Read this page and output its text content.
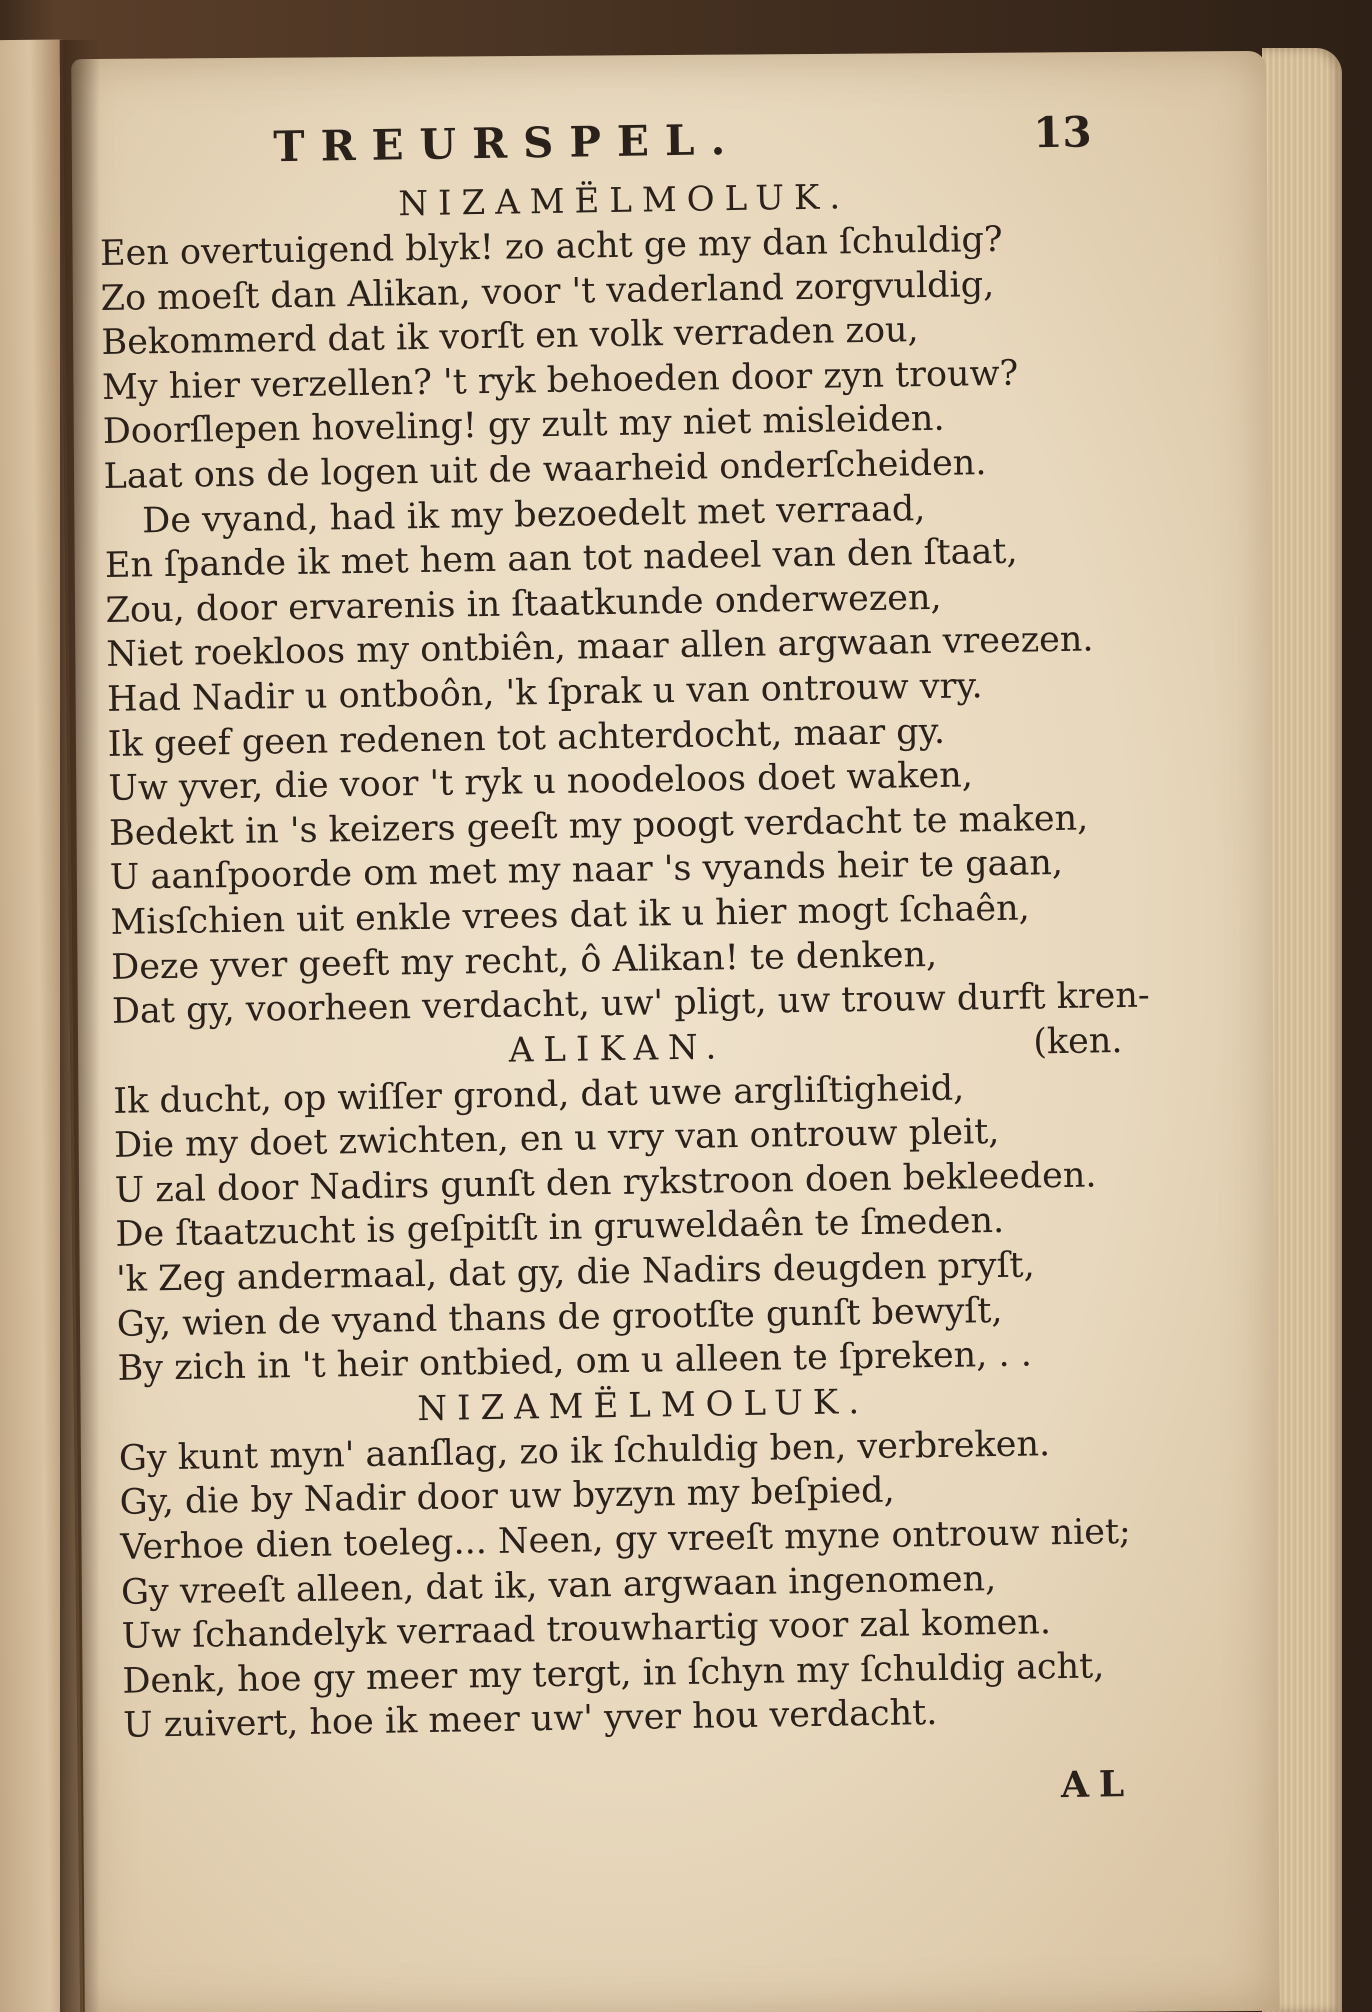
TREURSPEL.	13
NIZAMËLMOLUK.
Een overtuigend blyk! zo acht ge my dan ſchuldig?
Zo moeſt dan Alikan, voor 't vaderland zorgvuldig,
Bekommerd dat ik vorſt en volk verraden zou,
My hier verzellen? 't ryk behoeden door zyn trouw?
Doorſlepen hoveling! gy zult my niet misleiden.
Laat ons de logen uit de waarheid onderſcheiden.
De vyand, had ik my bezoedelt met verraad,
En ſpande ik met hem aan tot nadeel van den ſtaat,
Zou, door ervarenis in ſtaatkunde onderwezen,
Niet roekloos my ontbiên, maar allen argwaan vreezen.
Had Nadir u ontboôn, 'k ſprak u van ontrouw vry.
Ik geef geen redenen tot achterdocht, maar gy.
Uw yver, die voor 't ryk u noodeloos doet waken,
Bedekt in 's keizers geeſt my poogt verdacht te maken,
U aanſpoorde om met my naar 's vyands heir te gaan,
Misſchien uit enkle vrees dat ik u hier mogt ſchaên,
Deze yver geeft my recht, ô Alikan! te denken,
Dat gy, voorheen verdacht, uw' pligt, uw trouw durft kren-
ALIKAN.	(ken.
Ik ducht, op wiſſer grond, dat uwe argliſtigheid,
Die my doet zwichten, en u vry van ontrouw pleit,
U zal door Nadirs gunſt den rykstroon doen bekleeden.
De ſtaatzucht is geſpitſt in gruweldaên te ſmeden.
'k Zeg andermaal, dat gy, die Nadirs deugden pryſt,
Gy, wien de vyand thans de grootſte gunſt bewyſt,
By zich in 't heir ontbied, om u alleen te ſpreken, . .
NIZAMËLMOLUK.
Gy kunt myn' aanſlag, zo ik ſchuldig ben, verbreken.
Gy, die by Nadir door uw byzyn my beſpied,
Verhoe dien toeleg... Neen, gy vreeſt myne ontrouw niet;
Gy vreeſt alleen, dat ik, van argwaan ingenomen,
Uw ſchandelyk verraad trouwhartig voor zal komen.
Denk, hoe gy meer my tergt, in ſchyn my ſchuldig acht,
U zuivert, hoe ik meer uw' yver hou verdacht.
AL
